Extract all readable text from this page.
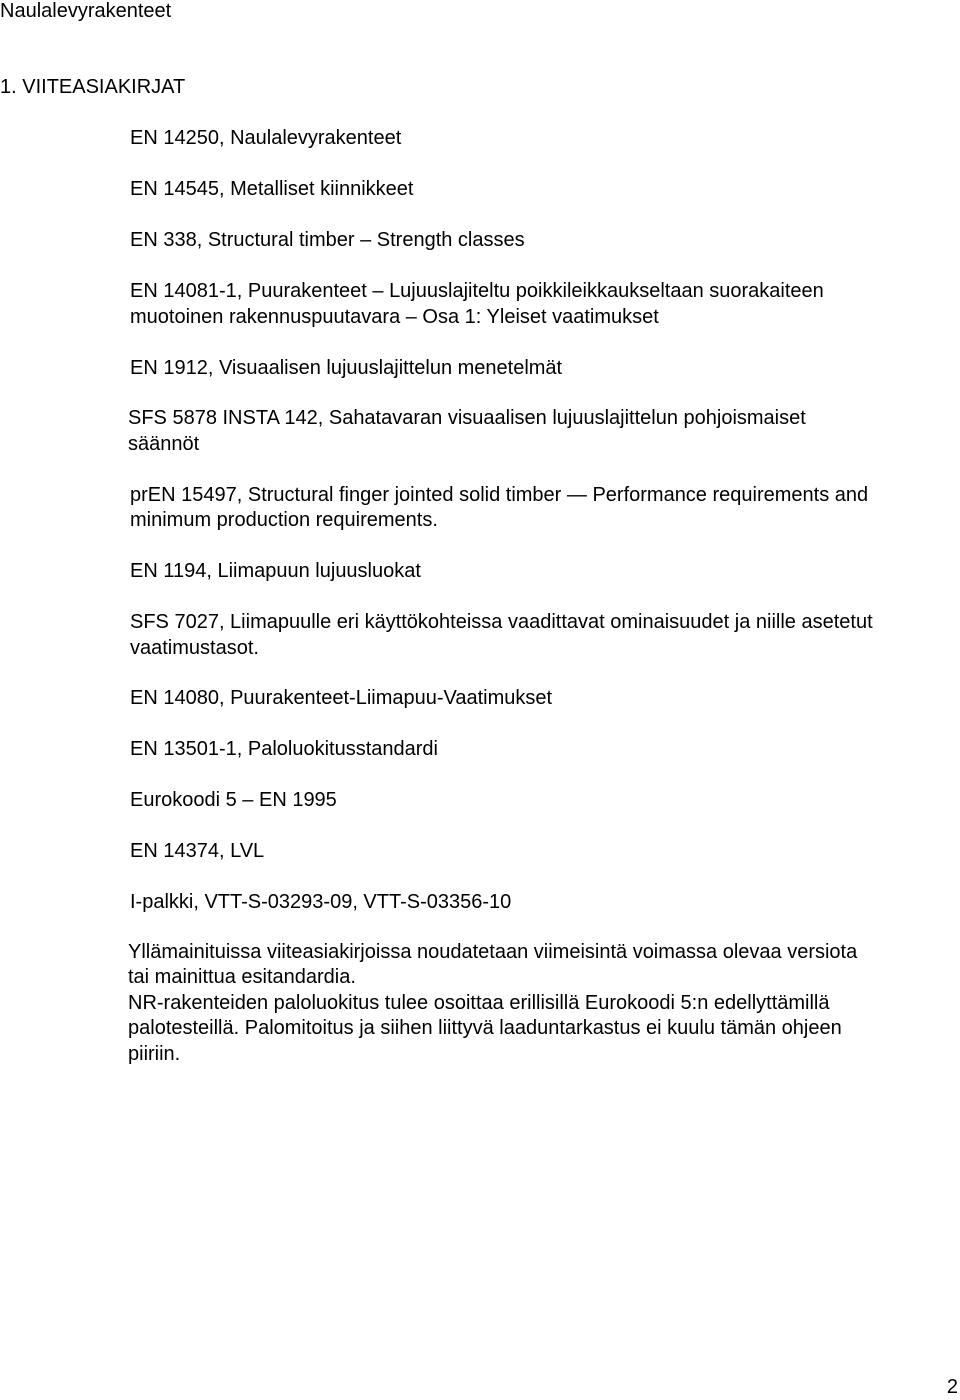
Naulalevyrakenteet
1. VIITEASIAKIRJAT
EN 14250, Naulalevyrakenteet
EN 14545, Metalliset kiinnikkeet
EN 338, Structural timber – Strength classes
EN 14081-1, Puurakenteet – Lujuuslajiteltu poikkileikkaukseltaan suorakaiteen
muotoinen rakennuspuutavara – Osa 1: Yleiset vaatimukset
EN 1912, Visuaalisen lujuuslajittelun menetelmät
SFS 5878 INSTA 142, Sahatavaran visuaalisen lujuuslajittelun pohjoismaiset
säännöt
prEN 15497, Structural finger jointed solid timber — Performance requirements and
minimum production requirements.
EN 1194, Liimapuun lujuusluokat
SFS 7027, Liimapuulle eri käyttökohteissa vaadittavat ominaisuudet ja niille asetetut
vaatimustasot.
EN 14080, Puurakenteet-Liimapuu-Vaatimukset
EN 13501-1, Paloluokitusstandardi
Eurokoodi 5 – EN 1995
EN 14374, LVL
I-palkki, VTT-S-03293-09, VTT-S-03356-10
Yllämainituissa viiteasiakirjoissa noudatetaan viimeisintä voimassa olevaa versiota
tai mainittua esitandardia.
NR-rakenteiden paloluokitus tulee osoittaa erillisillä Eurokoodi 5:n edellyttämillä
palotesteillä. Palomitoitus ja siihen liittyvä laaduntarkastus ei kuulu tämän ohjeen
piiriin.
2
